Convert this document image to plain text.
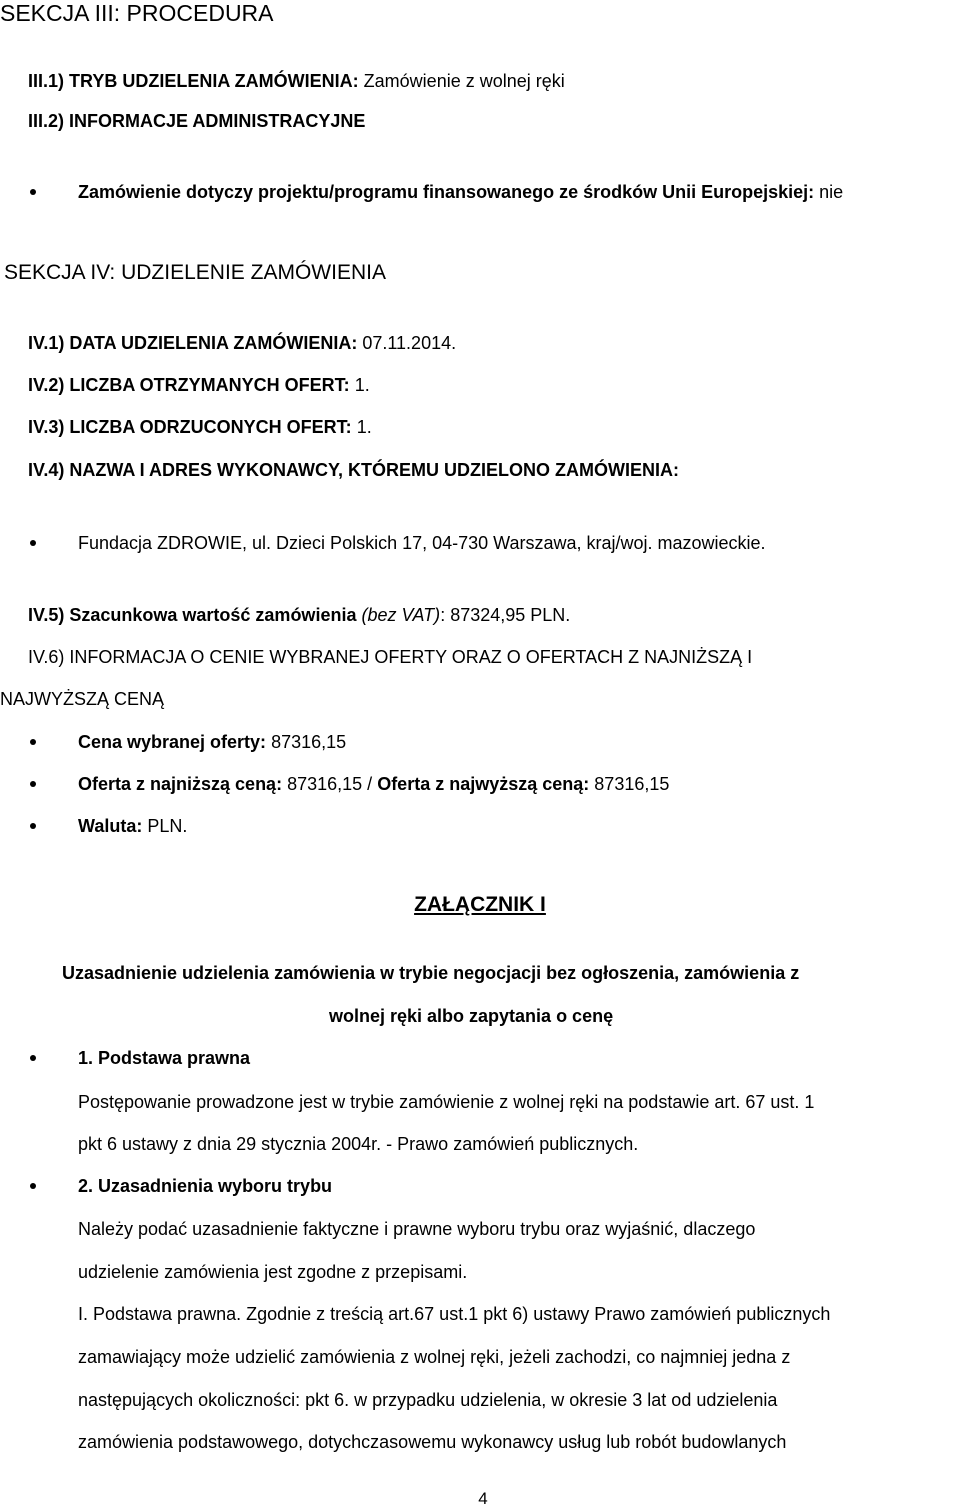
SEKCJA III: PROCEDURA
III.1) TRYB UDZIELENIA ZAMÓWIENIA: Zamówienie z wolnej ręki
III.2) INFORMACJE ADMINISTRACYJNE
Zamówienie dotyczy projektu/programu finansowanego ze środków Unii Europejskiej: nie
SEKCJA IV: UDZIELENIE ZAMÓWIENIA
IV.1) DATA UDZIELENIA ZAMÓWIENIA: 07.11.2014.
IV.2) LICZBA OTRZYMANYCH OFERT: 1.
IV.3) LICZBA ODRZUCONYCH OFERT: 1.
IV.4) NAZWA I ADRES WYKONAWCY, KTÓREMU UDZIELONO ZAMÓWIENIA:
Fundacja ZDROWIE, ul. Dzieci Polskich 17, 04-730 Warszawa, kraj/woj. mazowieckie.
IV.5) Szacunkowa wartość zamówienia (bez VAT): 87324,95 PLN.
IV.6) INFORMACJA O CENIE WYBRANEJ OFERTY ORAZ O OFERTACH Z NAJNIŻSZĄ I
NAJWYŻSZĄ CENĄ
Cena wybranej oferty: 87316,15
Oferta z najniższą ceną: 87316,15 / Oferta z najwyższą ceną: 87316,15
Waluta: PLN.
ZAŁĄCZNIK I
Uzasadnienie udzielenia zamówienia w trybie negocjacji bez ogłoszenia, zamówienia z
wolnej ręki albo zapytania o cenę
1. Podstawa prawna
Postępowanie prowadzone jest w trybie zamówienie z wolnej ręki na podstawie art. 67 ust. 1
pkt 6 ustawy z dnia 29 stycznia 2004r. - Prawo zamówień publicznych.
2. Uzasadnienia wyboru trybu
Należy podać uzasadnienie faktyczne i prawne wyboru trybu oraz wyjaśnić, dlaczego
udzielenie zamówienia jest zgodne z przepisami.
I. Podstawa prawna. Zgodnie z treścią art.67 ust.1 pkt 6) ustawy Prawo zamówień publicznych
zamawiający może udzielić zamówienia z wolnej ręki, jeżeli zachodzi, co najmniej jedna z
następujących okoliczności: pkt 6. w przypadku udzielenia, w okresie 3 lat od udzielenia
zamówienia podstawowego, dotychczasowemu wykonawcy usług lub robót budowlanych
4
